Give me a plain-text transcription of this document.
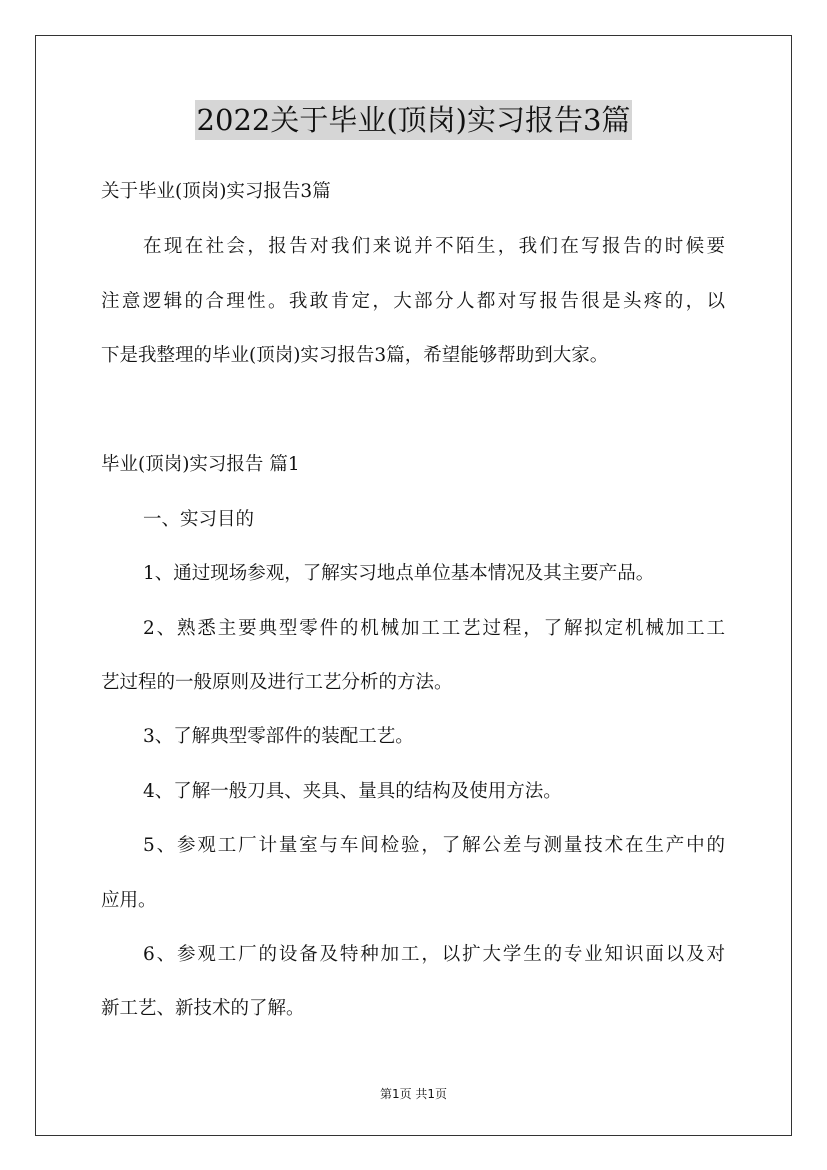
2022关于毕业(顶岗)实习报告3篇
关于毕业(顶岗)实习报告3篇
在现在社会，报告对我们来说并不陌生，我们在写报告的时候要
注意逻辑的合理性。我敢肯定，大部分人都对写报告很是头疼的，以
下是我整理的毕业(顶岗)实习报告3篇，希望能够帮助到大家。
毕业(顶岗)实习报告 篇1
一、实习目的
1、通过现场参观，了解实习地点单位基本情况及其主要产品。
2、熟悉主要典型零件的机械加工工艺过程，了解拟定机械加工工
艺过程的一般原则及进行工艺分析的方法。
3、了解典型零部件的装配工艺。
4、了解一般刀具、夹具、量具的结构及使用方法。
5、参观工厂计量室与车间检验，了解公差与测量技术在生产中的
应用。
6、参观工厂的设备及特种加工，以扩大学生的专业知识面以及对
新工艺、新技术的了解。
第1页 共1页
